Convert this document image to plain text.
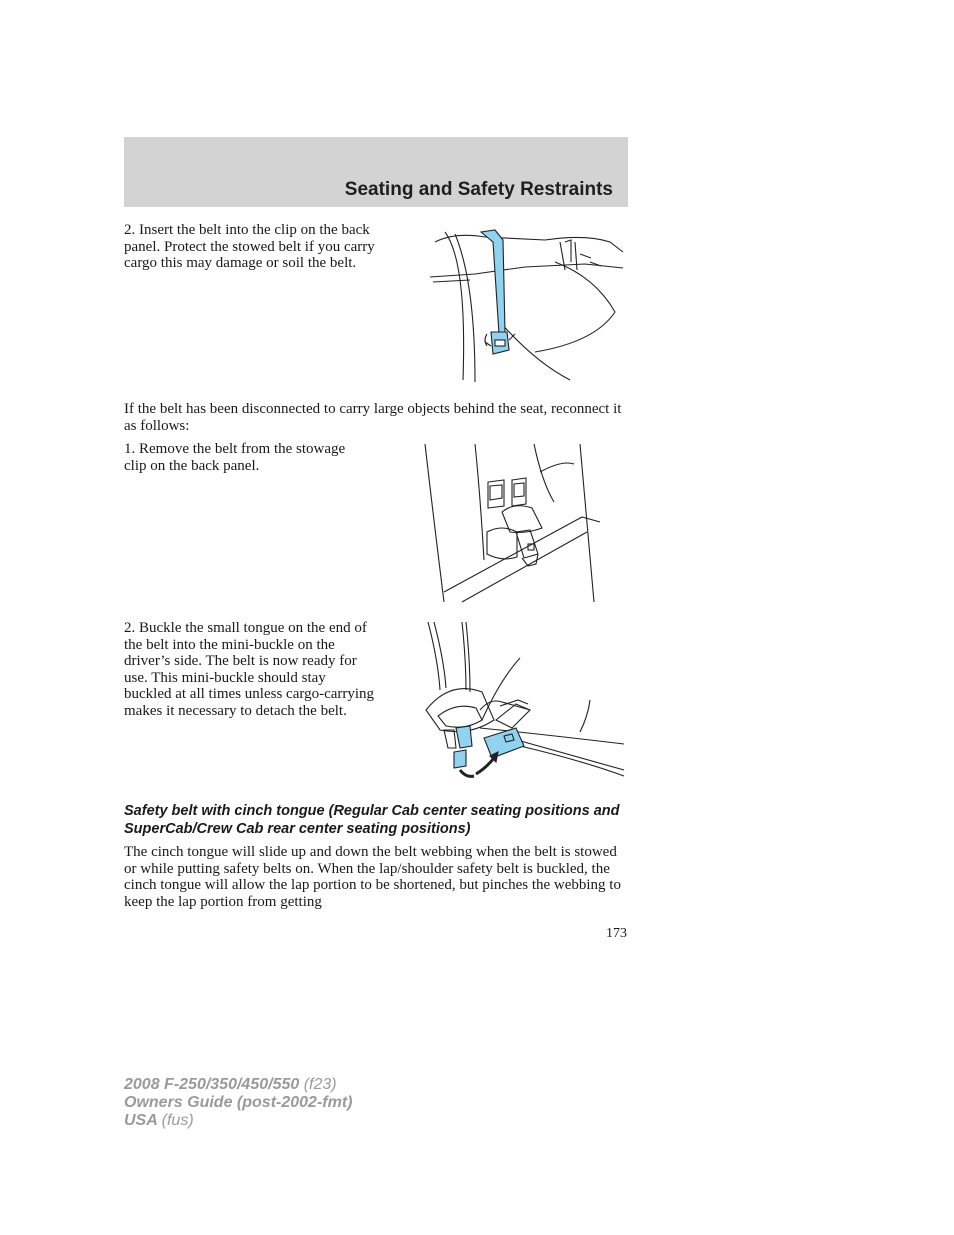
Seating and Safety Restraints

2. Insert the belt into the clip on the back panel. Protect the stowed belt if you carry cargo this may damage or soil the belt.

If the belt has been disconnected to carry large objects behind the seat, reconnect it as follows:

1. Remove the belt from the stowage clip on the back panel.

2. Buckle the small tongue on the end of the belt into the mini-buckle on the driver’s side. The belt is now ready for use. This mini-buckle should stay buckled at all times unless cargo-carrying makes it necessary to detach the belt.

Safety belt with cinch tongue (Regular Cab center seating positions and SuperCab/Crew Cab rear center seating positions)

The cinch tongue will slide up and down the belt webbing when the belt is stowed or while putting safety belts on. When the lap/shoulder safety belt is buckled, the cinch tongue will allow the lap portion to be shortened, but pinches the webbing to keep the lap portion from getting

173

2008 F-250/350/450/550 (f23)
Owners Guide (post-2002-fmt)
USA (fus)
